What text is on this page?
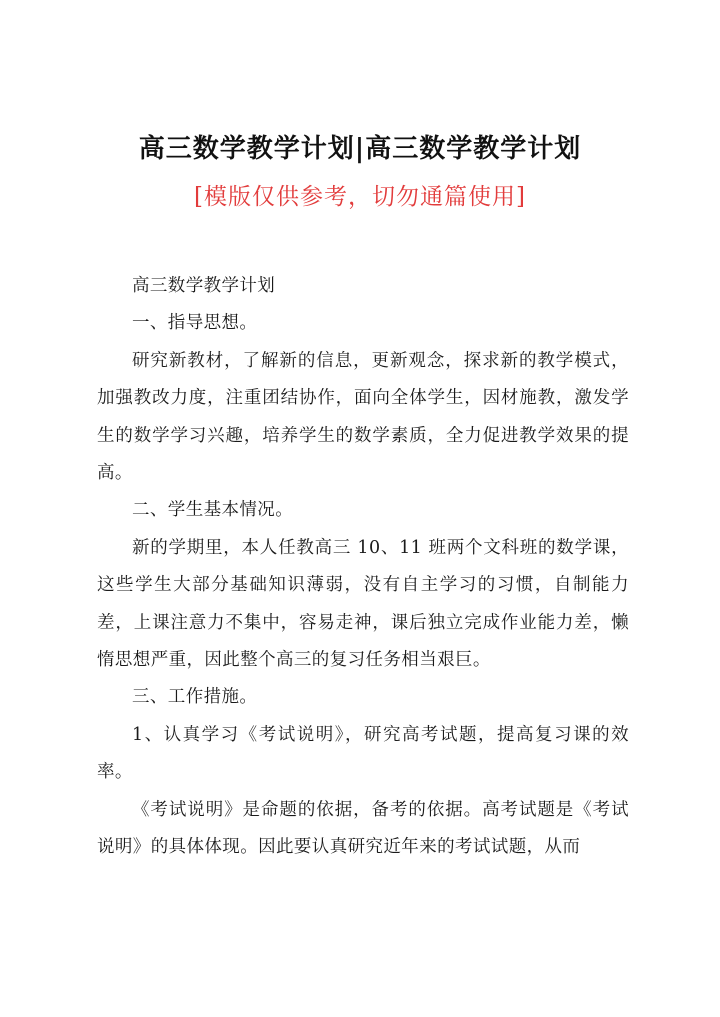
高三数学教学计划|高三数学教学计划
[模版仅供参考，切勿通篇使用]

高三数学教学计划

一、指导思想。

研究新教材，了解新的信息，更新观念，探求新的教学模式，加强教改力度，注重团结协作，面向全体学生，因材施教，激发学生的数学学习兴趣，培养学生的数学素质，全力促进教学效果的提高。

二、学生基本情况。

新的学期里，本人任教高三 10、11 班两个文科班的数学课，这些学生大部分基础知识薄弱，没有自主学习的习惯，自制能力差，上课注意力不集中，容易走神，课后独立完成作业能力差，懒惰思想严重，因此整个高三的复习任务相当艰巨。

三、工作措施。

1、认真学习《考试说明》，研究高考试题，提高复习课的效率。

《考试说明》是命题的依据，备考的依据。高考试题是《考试说明》的具体体现。因此要认真研究近年来的考试试题，从而
